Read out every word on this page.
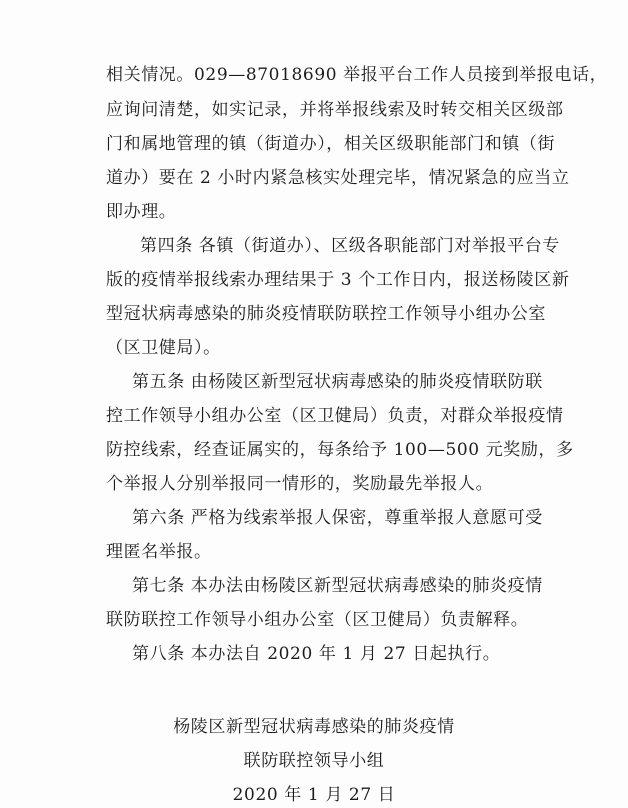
相关情况。029—87018690 举报平台工作人员接到举报电话，
应询问清楚，如实记录，并将举报线索及时转交相关区级部
门和属地管理的镇（街道办），相关区级职能部门和镇（街
道办）要在 2 小时内紧急核实处理完毕，情况紧急的应当立
即办理。
第四条 各镇（街道办）、区级各职能部门对举报平台专
版的疫情举报线索办理结果于 3 个工作日内，报送杨陵区新
型冠状病毒感染的肺炎疫情联防联控工作领导小组办公室
（区卫健局）。
第五条 由杨陵区新型冠状病毒感染的肺炎疫情联防联
控工作领导小组办公室（区卫健局）负责，对群众举报疫情
防控线索，经查证属实的，每条给予 100—500 元奖励，多
个举报人分别举报同一情形的，奖励最先举报人。
第六条 严格为线索举报人保密，尊重举报人意愿可受
理匿名举报。
第七条 本办法由杨陵区新型冠状病毒感染的肺炎疫情
联防联控工作领导小组办公室（区卫健局）负责解释。
第八条 本办法自 2020 年 1 月 27 日起执行。
杨陵区新型冠状病毒感染的肺炎疫情
联防联控领导小组
2020 年 1 月 27 日
